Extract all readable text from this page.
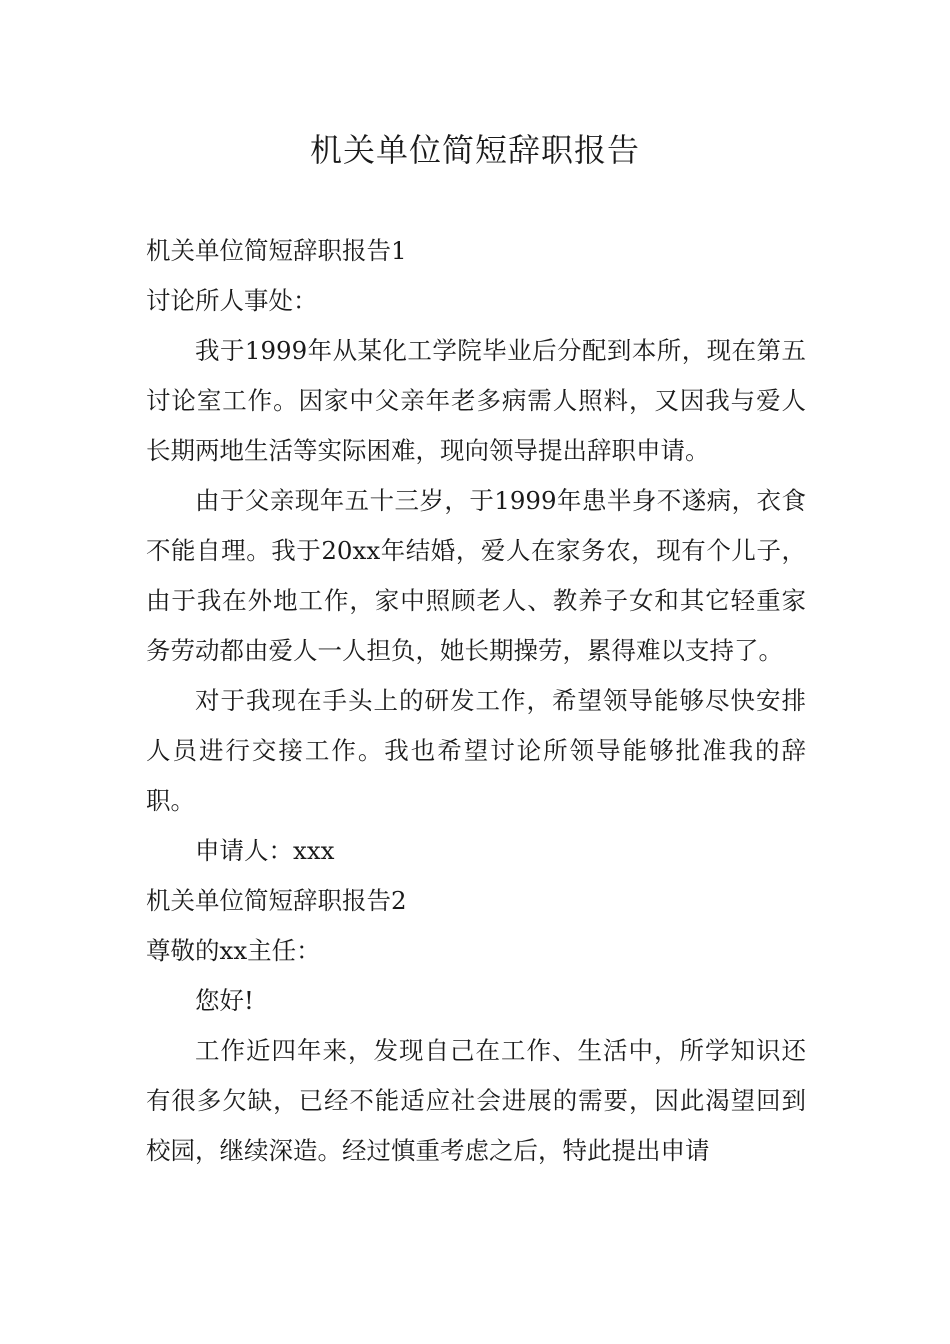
机关单位简短辞职报告

机关单位简短辞职报告1

讨论所人事处：

我于1999年从某化工学院毕业后分配到本所，现在第五讨论室工作。因家中父亲年老多病需人照料，又因我与爱人长期两地生活等实际困难，现向领导提出辞职申请。

由于父亲现年五十三岁，于1999年患半身不遂病，衣食不能自理。我于20xx年结婚，爱人在家务农，现有个儿子，由于我在外地工作，家中照顾老人、教养子女和其它轻重家务劳动都由爱人一人担负，她长期操劳，累得难以支持了。

对于我现在手头上的研发工作，希望领导能够尽快安排人员进行交接工作。我也希望讨论所领导能够批准我的辞职。

申请人：xxx

机关单位简短辞职报告2

尊敬的xx主任：

您好!

工作近四年来，发现自己在工作、生活中，所学知识还有很多欠缺，已经不能适应社会进展的需要，因此渴望回到校园，继续深造。经过慎重考虑之后，特此提出申请
